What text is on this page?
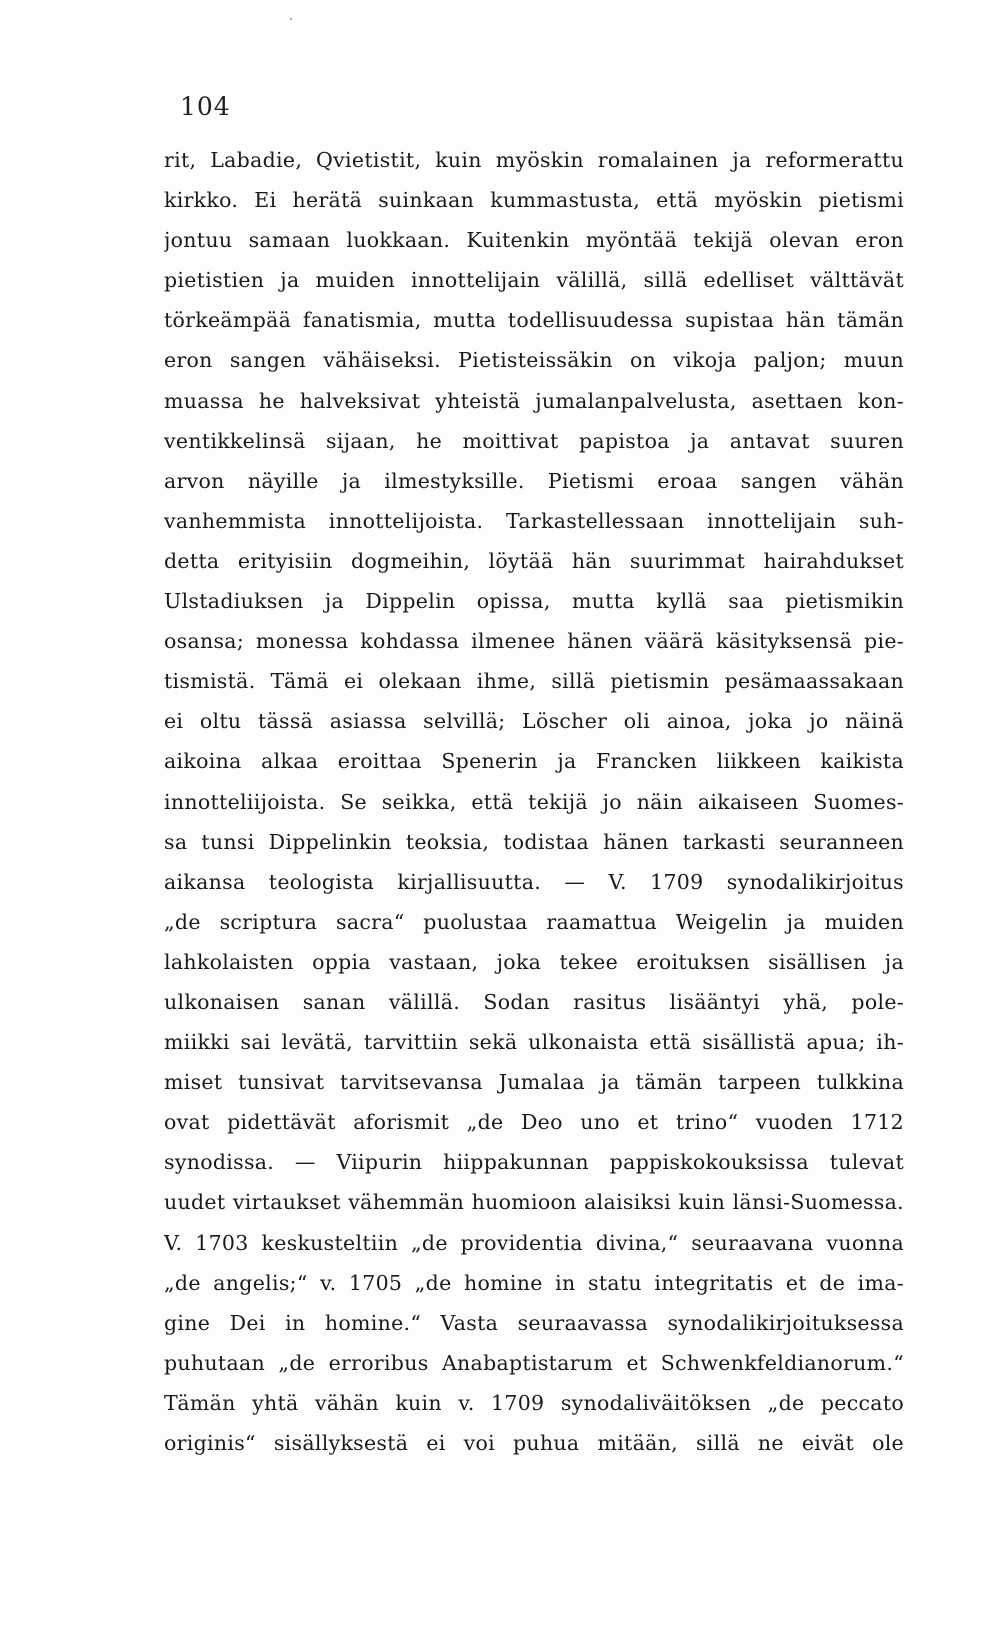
104
rit, Labadie, Qvietistit, kuin myöskin romalainen ja reformerattu
kirkko. Ei herätä suinkaan kummastusta, että myöskin pietismi
jontuu samaan luokkaan. Kuitenkin myöntää tekijä olevan eron
pietistien ja muiden innottelijain välillä, sillä edelliset välttävät
törkeämpää fanatismia, mutta todellisuudessa supistaa hän tämän
eron sangen vähäiseksi. Pietisteissäkin on vikoja paljon; muun
muassa he halveksivat yhteistä jumalanpalvelusta, asettaen kon-
ventikkelinsä sijaan, he moittivat papistoa ja antavat suuren
arvon näyille ja ilmestyksille. Pietismi eroaa sangen vähän
vanhemmista innottelijoista. Tarkastellessaan innottelijain suh-
detta erityisiin dogmeihin, löytää hän suurimmat hairahdukset
Ulstadiuksen ja Dippelin opissa, mutta kyllä saa pietismikin
osansa; monessa kohdassa ilmenee hänen väärä käsityksensä pie-
tismistä. Tämä ei olekaan ihme, sillä pietismin pesämaassakaan
ei oltu tässä asiassa selvillä; Löscher oli ainoa, joka jo näinä
aikoina alkaa eroittaa Spenerin ja Francken liikkeen kaikista
innotteliijoista. Se seikka, että tekijä jo näin aikaiseen Suomes-
sa tunsi Dippelinkin teoksia, todistaa hänen tarkasti seuranneen
aikansa teologista kirjallisuutta. — V. 1709 synodalikirjoitus
„de scriptura sacra“ puolustaa raamattua Weigelin ja muiden
lahkolaisten oppia vastaan, joka tekee eroituksen sisällisen ja
ulkonaisen sanan välillä. Sodan rasitus lisääntyi yhä, pole-
miikki sai levätä, tarvittiin sekä ulkonaista että sisällistä apua; ih-
miset tunsivat tarvitsevansa Jumalaa ja tämän tarpeen tulkkina
ovat pidettävät aforismit „de Deo uno et trino“ vuoden 1712
synodissa. — Viipurin hiippakunnan pappiskokouksissa tulevat
uudet virtaukset vähemmän huomioon alaisiksi kuin länsi-Suomessa.
V. 1703 keskusteltiin „de providentia divina,“ seuraavana vuonna
„de angelis;“ v. 1705 „de homine in statu integritatis et de ima-
gine Dei in homine.“ Vasta seuraavassa synodalikirjoituksessa
puhutaan „de erroribus Anabaptistarum et Schwenkfeldianorum.“
Tämän yhtä vähän kuin v. 1709 synodaliväitöksen „de peccato
originis“ sisällyksestä ei voi puhua mitään, sillä ne eivät ole
